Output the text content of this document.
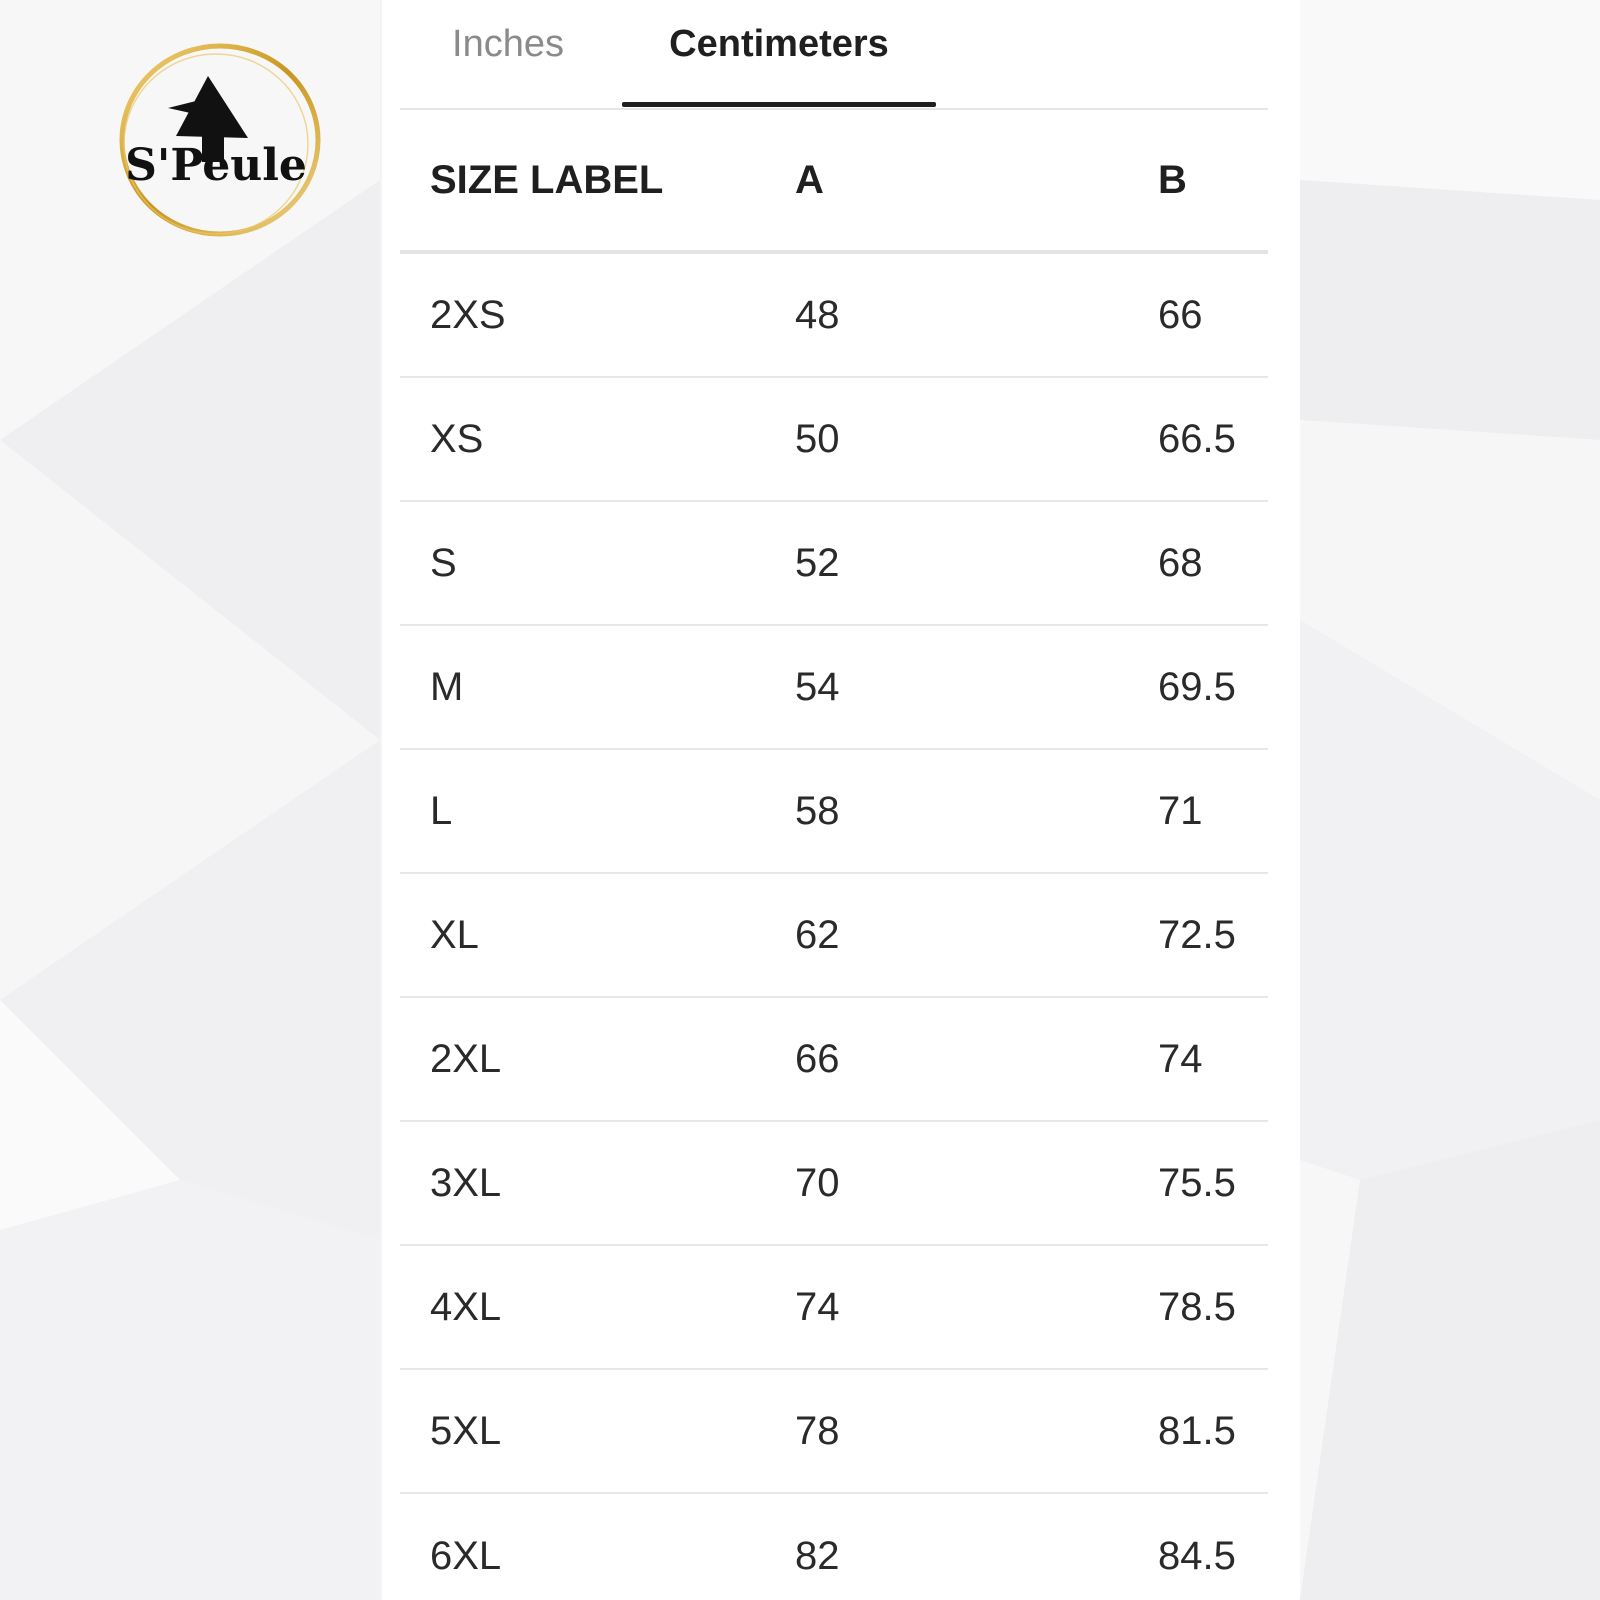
S'Peule
Inches	Centimeters
SIZE LABEL	A	B
2XS	48	66
XS	50	66.5
S	52	68
M	54	69.5
L	58	71
XL	62	72.5
2XL	66	74
3XL	70	75.5
4XL	74	78.5
5XL	78	81.5
6XL	82	84.5
